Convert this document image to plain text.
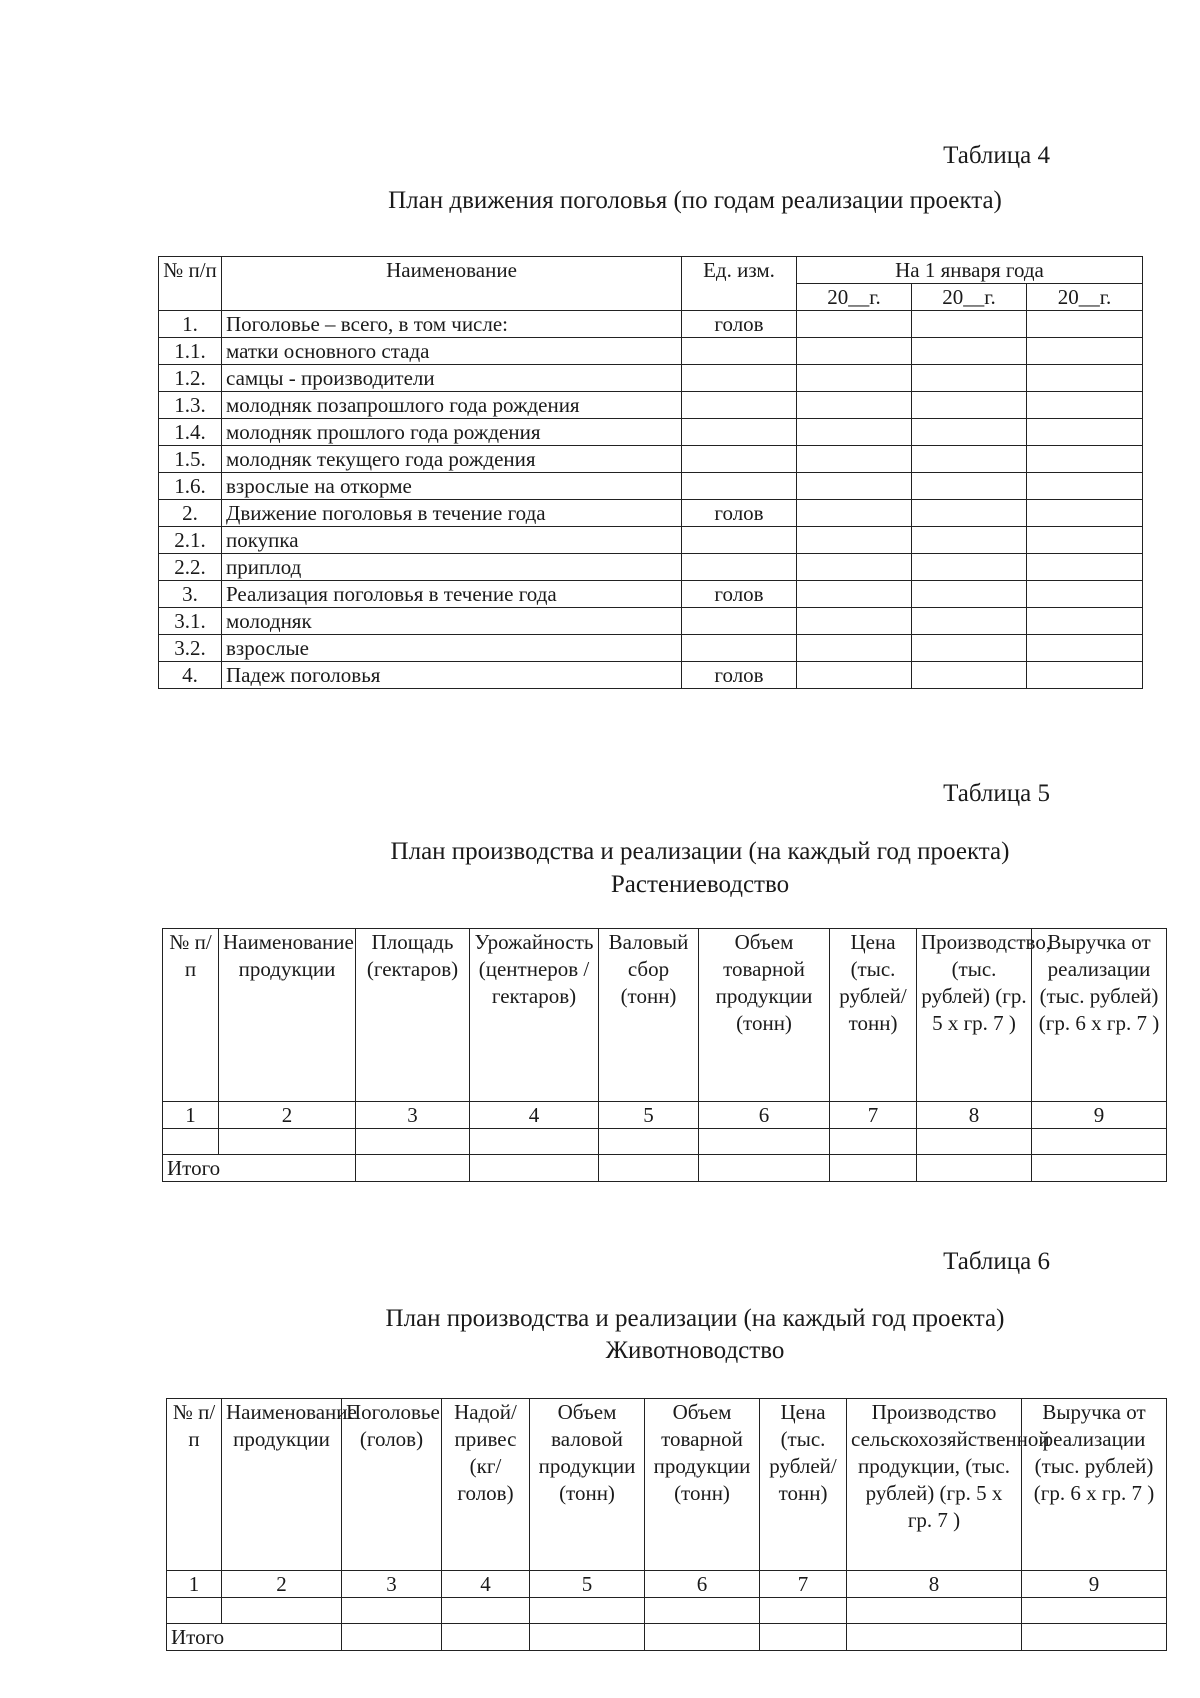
Таблица 4
План движения поголовья (по годам реализации проекта)
№ п/п	Наименование	Ед. изм.	На 1 января года		
			20__г.	20__г.	20__г.
1.	Поголовье – всего, в том числе:	голов			
1.1.	матки основного стада				
1.2.	самцы - производители				
1.3.	молодняк позапрошлого года рождения				
1.4.	молодняк прошлого года рождения				
1.5.	молодняк текущего года рождения				
1.6.	взрослые на откорме				
2.	Движение поголовья в течение года	голов			
2.1.	покупка				
2.2.	приплод				
3.	Реализация поголовья в течение года	голов			
3.1.	молодняк				
3.2.	взрослые				
4.	Падеж поголовья	голов			
Таблица 5
План производства и реализации (на каждый год проекта)
Растениеводство
№ п/п	Наименование продукции	Площадь (гектаров)	Урожайность (центнеров /гектаров)	Валовый сбор (тонн)	Объем товарной продукции (тонн)	Цена (тыс. рублей/ тонн)	Производство, (тыс. рублей) (гр. 5 х гр. 7 )	Выручка от реализации (тыс. рублей) (гр. 6 х гр. 7 )
1	2	3	4	5	6	7	8	9

Итого								
Таблица 6
План производства и реализации (на каждый год проекта)
Животноводство
№ п/п	Наименование продукции	Поголовье (голов)	Надой/ привес (кг/голов)	Объем валовой продукции (тонн)	Объем товарной продукции (тонн)	Цена (тыс. рублей/ тонн)	Производство сельскохозяйственной продукции, (тыс. рублей) (гр. 5 х гр. 7 )	Выручка от реализации (тыс. рублей) (гр. 6 х гр. 7 )
1	2	3	4	5	6	7	8	9

Итого								
